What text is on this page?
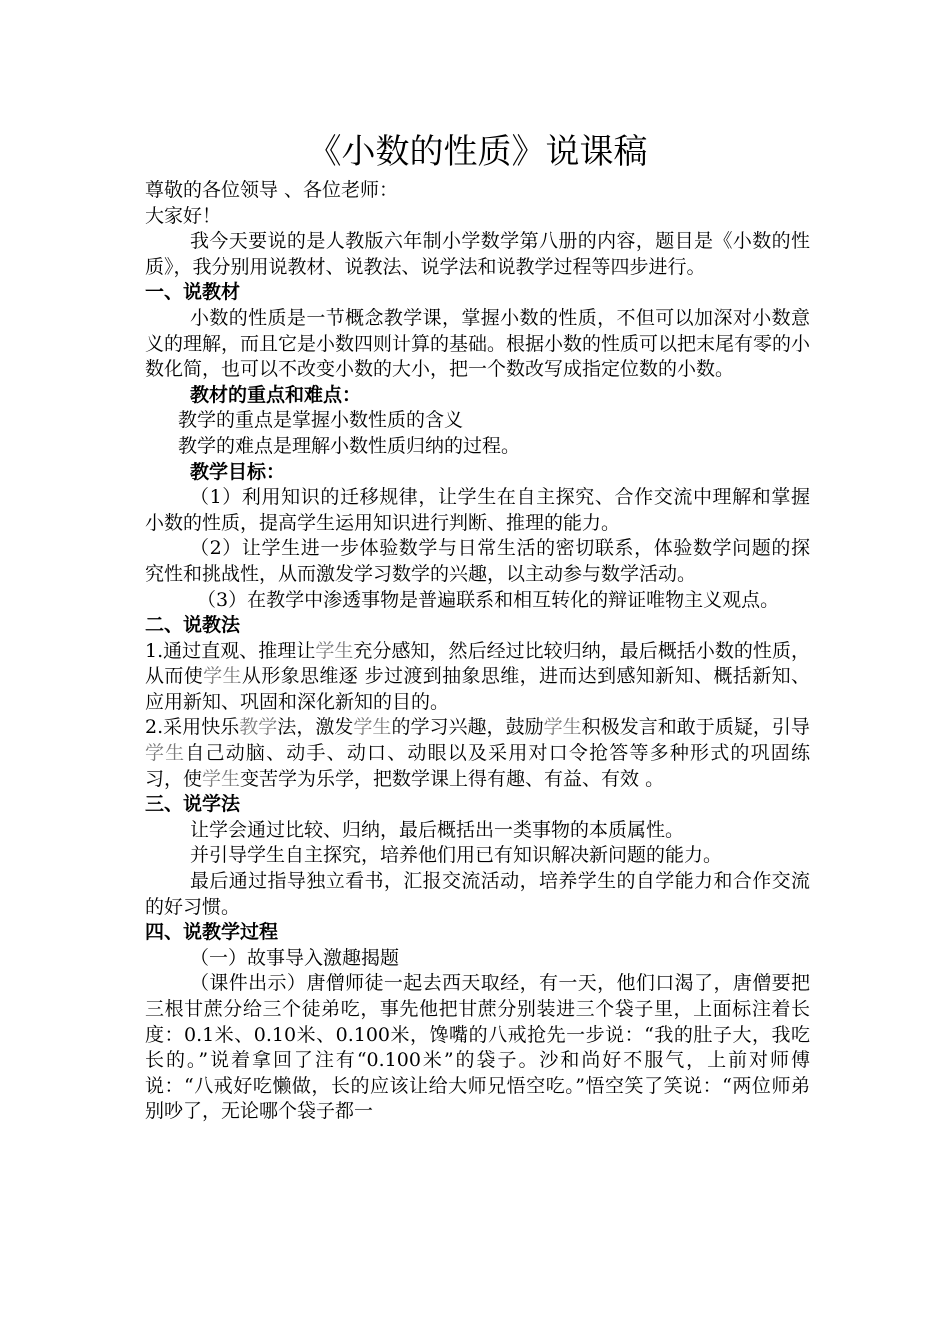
《小数的性质》说课稿

尊敬的各位领导 、各位老师：

大家好！

我今天要说的是人教版六年制小学数学第八册的内容，题目是《小数的性质》，我分别用说教材、说教法、说学法和说教学过程等四步进行。

一、说教材

小数的性质是一节概念教学课，掌握小数的性质，不但可以加深对小数意义的理解，而且它是小数四则计算的基础。根据小数的性质可以把末尾有零的小数化简，也可以不改变小数的大小，把一个数改写成指定位数的小数。

教材的重点和难点：

教学的重点是掌握小数性质的含义

教学的难点是理解小数性质归纳的过程。

教学目标：

（1）利用知识的迁移规律，让学生在自主探究、合作交流中理解和掌握小数的性质，提高学生运用知识进行判断、推理的能力。

（2）让学生进一步体验数学与日常生活的密切联系，体验数学问题的探究性和挑战性，从而激发学习数学的兴趣，以主动参与数学活动。

（3）在教学中渗透事物是普遍联系和相互转化的辩证唯物主义观点。

二、说教法

1.通过直观、推理让学生充分感知，然后经过比较归纳，最后概括小数的性质，从而使学生从形象思维逐 步过渡到抽象思维，进而达到感知新知、概括新知、应用新知、巩固和深化新知的目的。

2.采用快乐教学法，激发学生的学习兴趣，鼓励学生积极发言和敢于质疑，引导学生自己动脑、动手、动口、动眼以及采用对口令抢答等多种形式的巩固练习，使学生变苦学为乐学，把数学课上得有趣、有益、有效 。

三、说学法

让学会通过比较、归纳，最后概括出一类事物的本质属性。

并引导学生自主探究，培养他们用已有知识解决新问题的能力。

最后通过指导独立看书，汇报交流活动，培养学生的自学能力和合作交流的好习惯。

四、说教学过程

（一）故事导入激趣揭题

（课件出示）唐僧师徒一起去西天取经，有一天，他们口渴了，唐僧要把三根甘蔗分给三个徒弟吃，事先他把甘蔗分别装进三个袋子里，上面标注着长度：0.1米、0.10米、0.100米，馋嘴的八戒抢先一步说：“我的肚子大，我吃长的。”说着拿回了注有“0.100米”的袋子。沙和尚好不服气，上前对师傅说：“八戒好吃懒做，长的应该让给大师兄悟空吃。”悟空笑了笑说：“两位师弟别吵了，无论哪个袋子都一
